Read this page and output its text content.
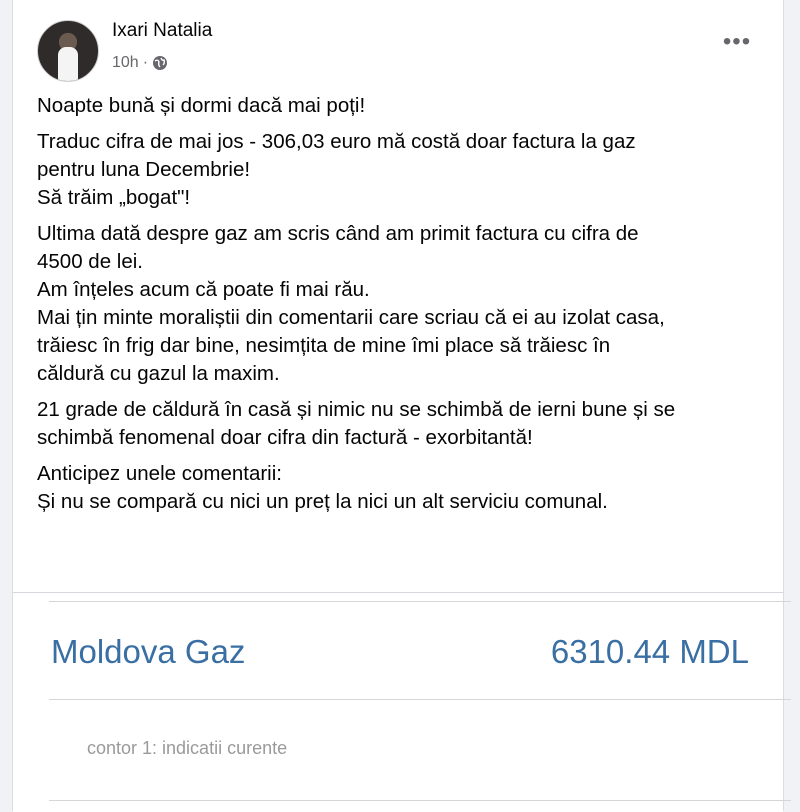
Ixari Natalia
10h ·
•••

Noapte bună și dormi dacă mai poți!

Traduc cifra de mai jos - 306,03 euro mă costă doar factura la gaz
pentru luna Decembrie!
Să trăim „bogat"!

Ultima dată despre gaz am scris când am primit factura cu cifra de
4500 de lei.
Am înțeles acum că poate fi mai rău.
Mai țin minte moraliștii din comentarii care scriau că ei au izolat casa,
trăiesc în frig dar bine, nesimțita de mine îmi place să trăiesc în
căldură cu gazul la maxim.

21 grade de căldură în casă și nimic nu se schimbă de ierni bune și se
schimbă fenomenal doar cifra din factură - exorbitantă!

Anticipez unele comentarii:
Și nu se compară cu nici un preț la nici un alt serviciu comunal.

Moldova Gaz	6310.44 MDL
contor 1: indicatii curente
